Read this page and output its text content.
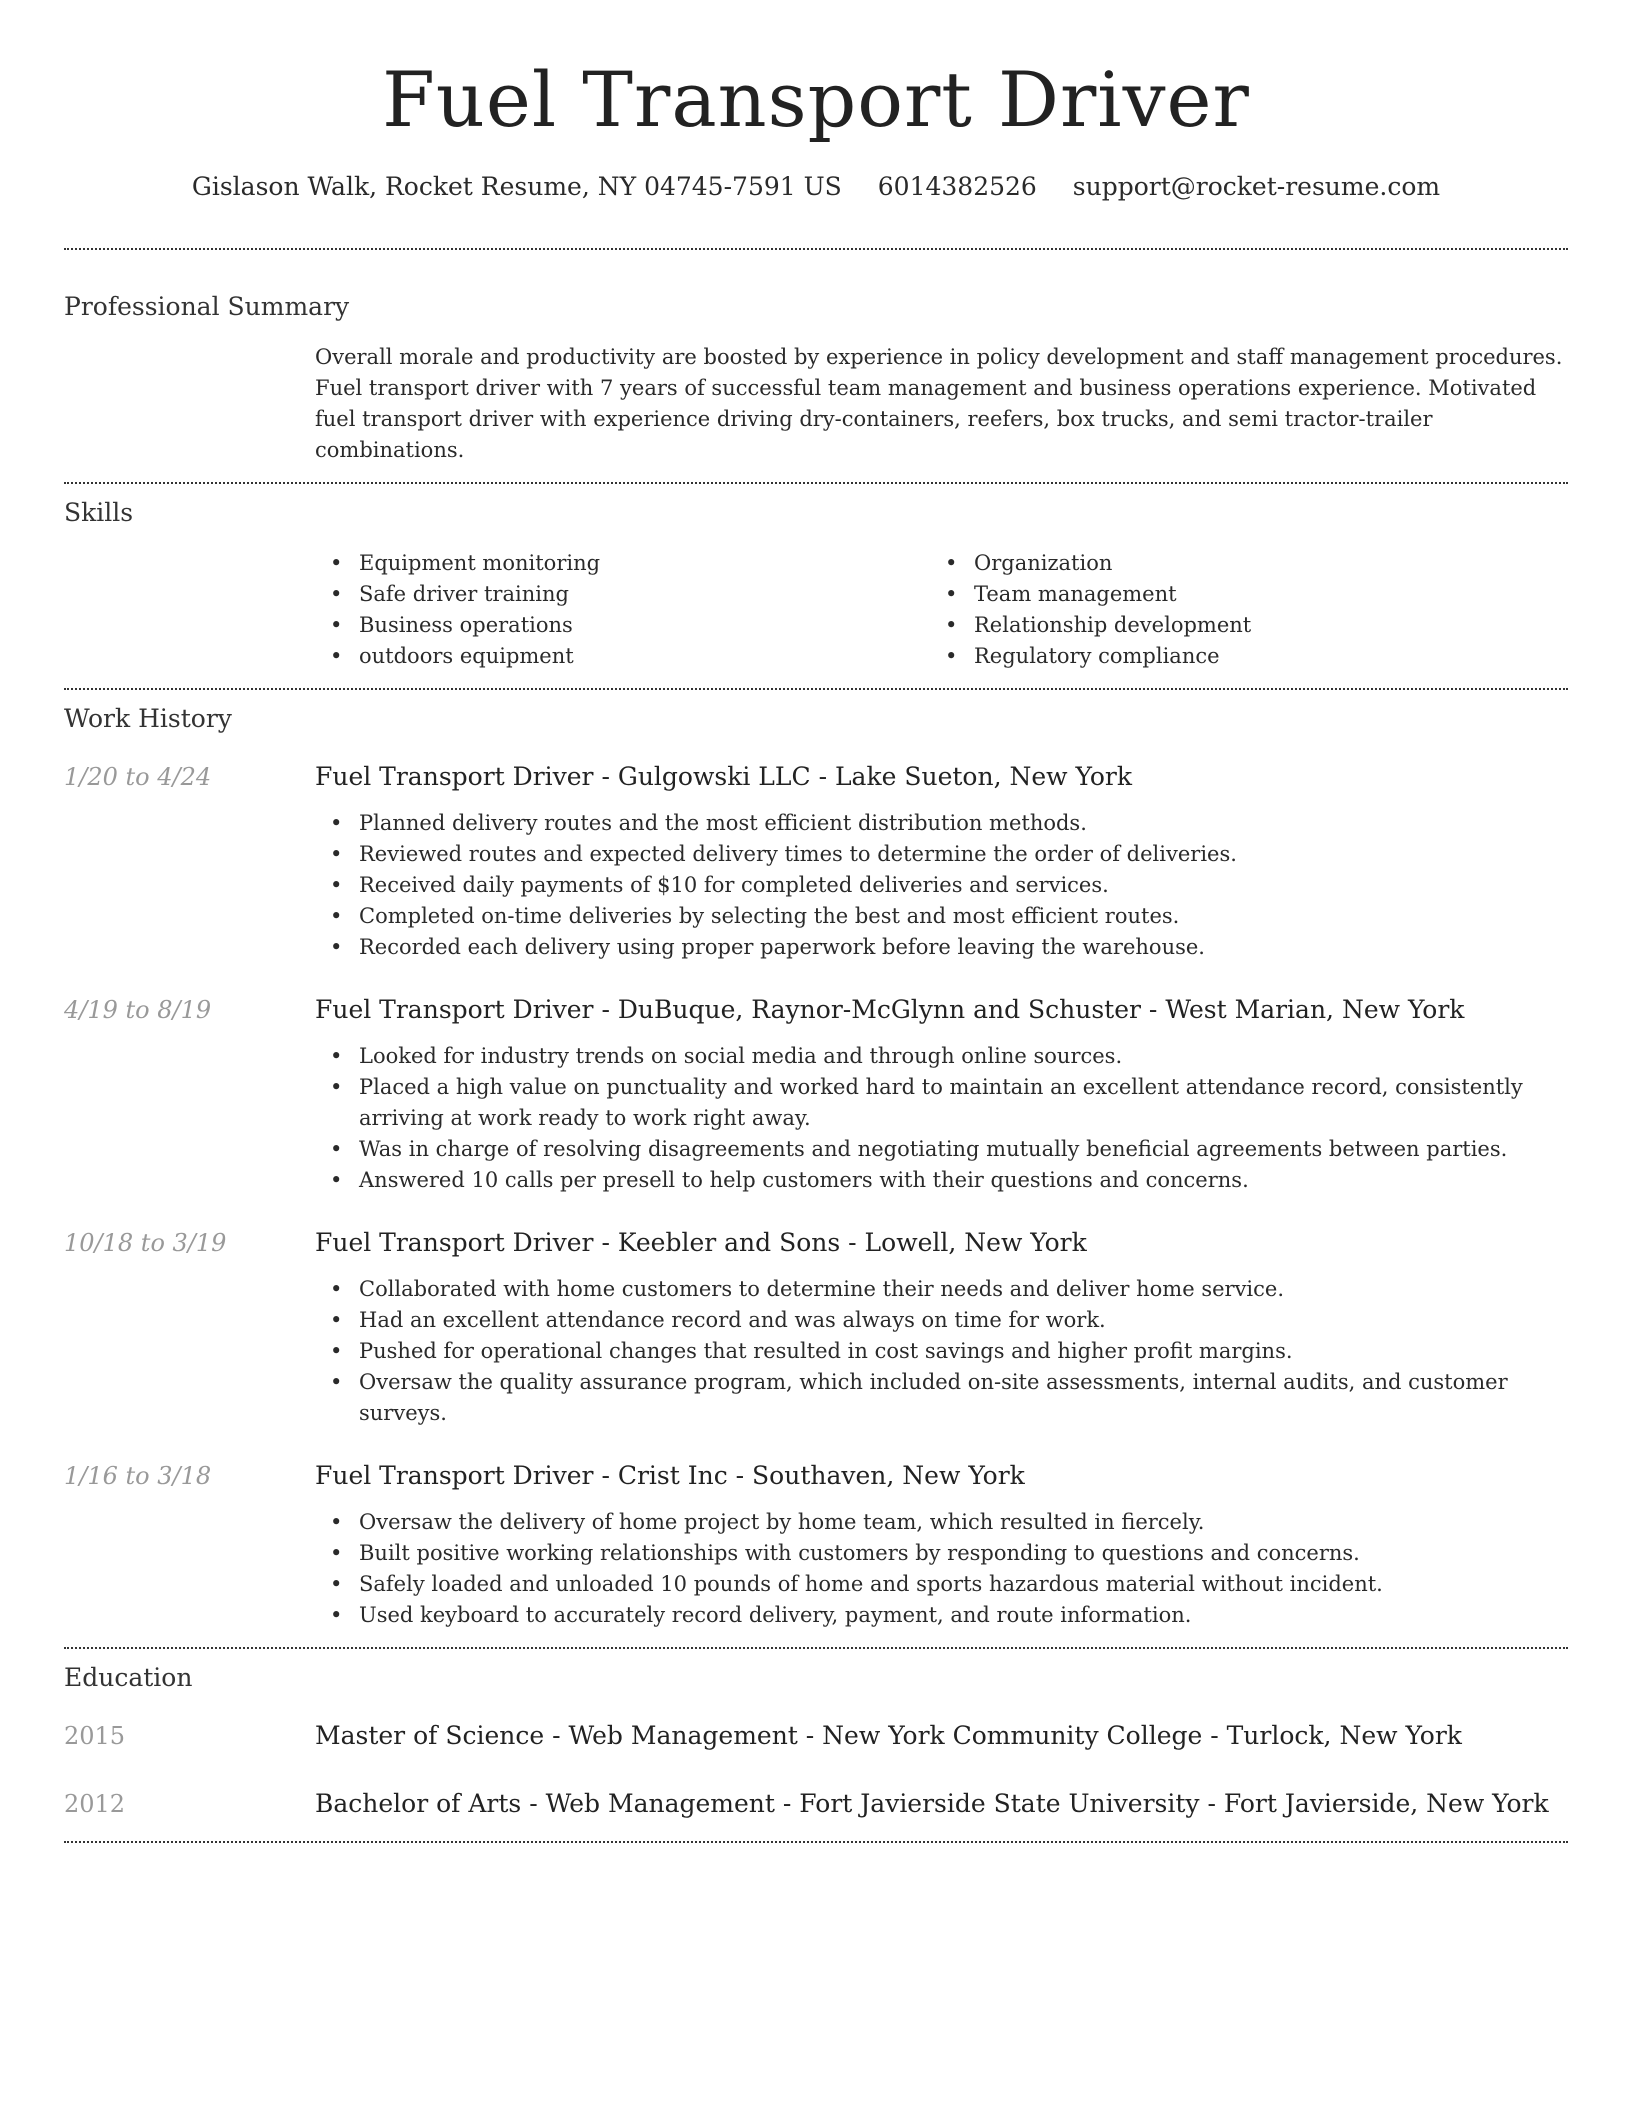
Fuel Transport Driver
Gislason Walk, Rocket Resume, NY 04745-7591 US 6014382526 support@rocket-resume.com
Professional Summary
Overall morale and productivity are boosted by experience in policy development and staff management procedures. Fuel transport driver with 7 years of successful team management and business operations experience. Motivated fuel transport driver with experience driving dry-containers, reefers, box trucks, and semi tractor-trailer combinations.
Skills
• Equipment monitoring
• Safe driver training
• Business operations
• outdoors equipment
• Organization
• Team management
• Relationship development
• Regulatory compliance
Work History
1/20 to 4/24	Fuel Transport Driver - Gulgowski LLC - Lake Sueton, New York
• Planned delivery routes and the most efficient distribution methods.
• Reviewed routes and expected delivery times to determine the order of deliveries.
• Received daily payments of $10 for completed deliveries and services.
• Completed on-time deliveries by selecting the best and most efficient routes.
• Recorded each delivery using proper paperwork before leaving the warehouse.
4/19 to 8/19	Fuel Transport Driver - DuBuque, Raynor-McGlynn and Schuster - West Marian, New York
• Looked for industry trends on social media and through online sources.
• Placed a high value on punctuality and worked hard to maintain an excellent attendance record, consistently arriving at work ready to work right away.
• Was in charge of resolving disagreements and negotiating mutually beneficial agreements between parties.
• Answered 10 calls per presell to help customers with their questions and concerns.
10/18 to 3/19	Fuel Transport Driver - Keebler and Sons - Lowell, New York
• Collaborated with home customers to determine their needs and deliver home service.
• Had an excellent attendance record and was always on time for work.
• Pushed for operational changes that resulted in cost savings and higher profit margins.
• Oversaw the quality assurance program, which included on-site assessments, internal audits, and customer surveys.
1/16 to 3/18	Fuel Transport Driver - Crist Inc - Southaven, New York
• Oversaw the delivery of home project by home team, which resulted in fiercely.
• Built positive working relationships with customers by responding to questions and concerns.
• Safely loaded and unloaded 10 pounds of home and sports hazardous material without incident.
• Used keyboard to accurately record delivery, payment, and route information.
Education
2015	Master of Science - Web Management - New York Community College - Turlock, New York
2012	Bachelor of Arts - Web Management - Fort Javierside State University - Fort Javierside, New York
